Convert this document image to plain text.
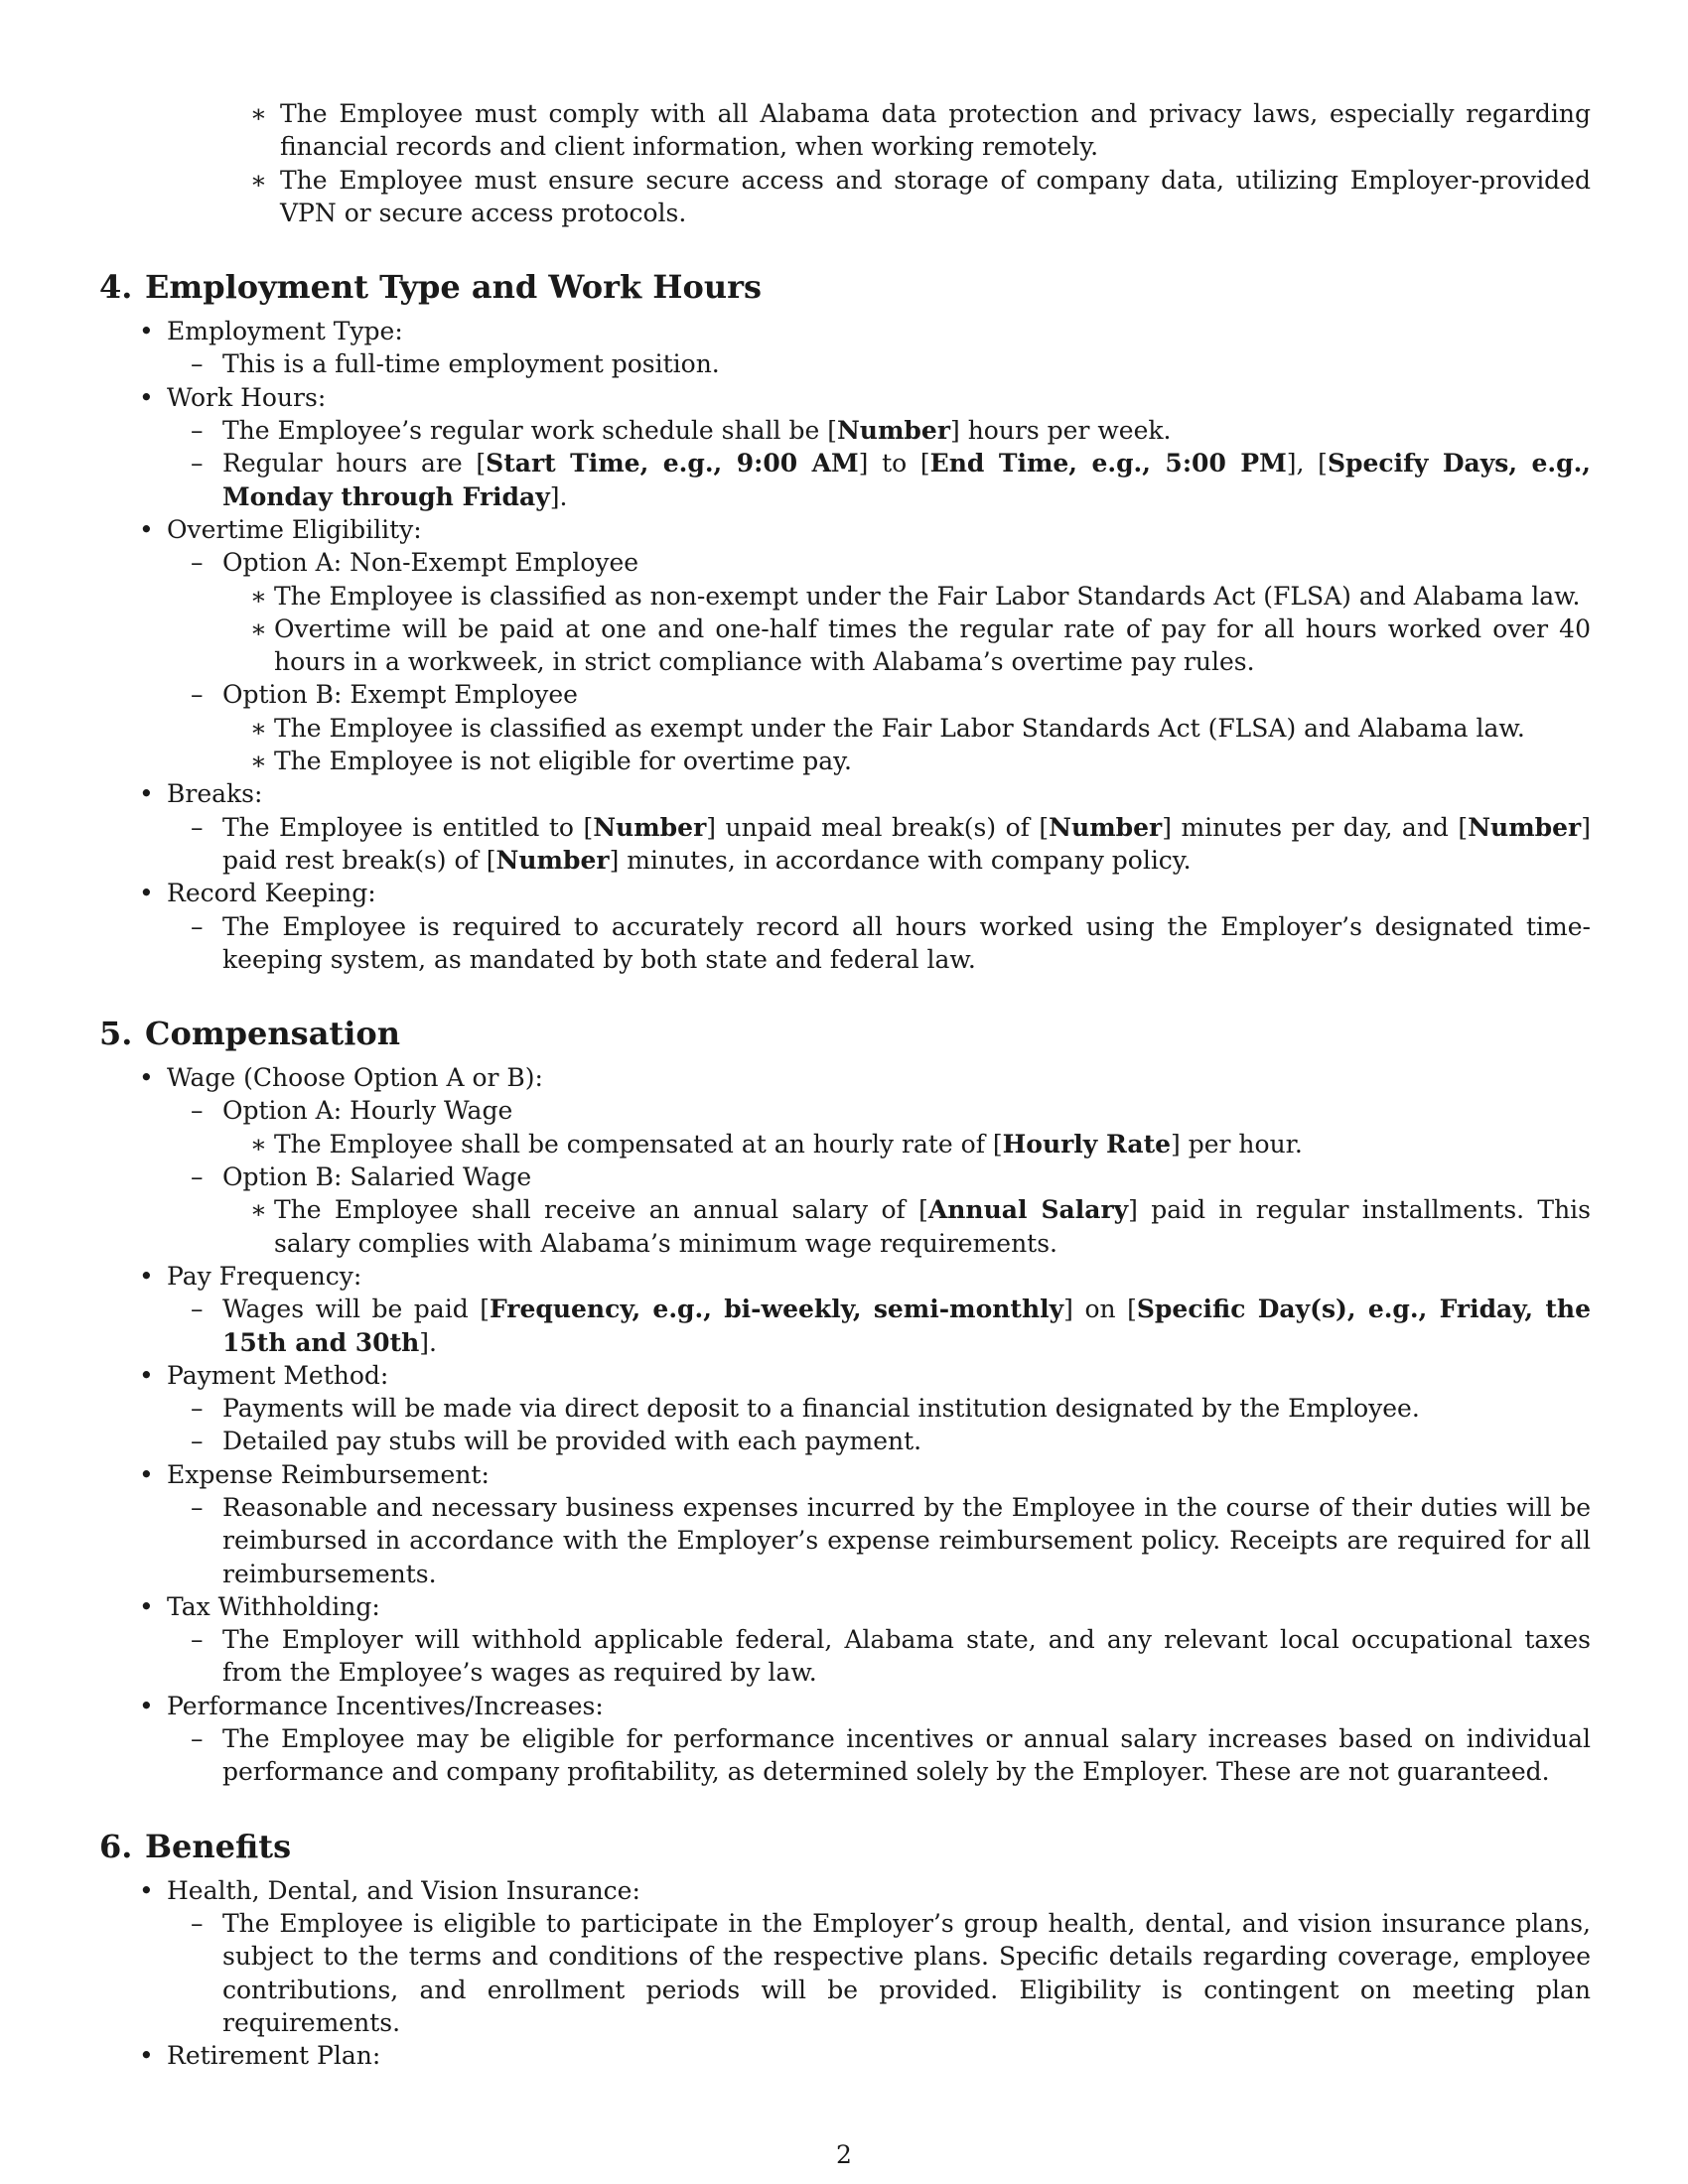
∗ The Employee must comply with all Alabama data protection and privacy laws, especially regarding financial records and client information, when working remotely.
∗ The Employee must ensure secure access and storage of company data, utilizing Employer-provided VPN or secure access protocols.
4. Employment Type and Work Hours
• Employment Type:
– This is a full-time employment position.
• Work Hours:
– The Employee’s regular work schedule shall be [Number] hours per week.
– Regular hours are [Start Time, e.g., 9:00 AM] to [End Time, e.g., 5:00 PM], [Specify Days, e.g., Monday through Friday].
• Overtime Eligibility:
– Option A: Non-Exempt Employee
∗ The Employee is classified as non-exempt under the Fair Labor Standards Act (FLSA) and Alabama law.
∗ Overtime will be paid at one and one-half times the regular rate of pay for all hours worked over 40 hours in a workweek, in strict compliance with Alabama’s overtime pay rules.
– Option B: Exempt Employee
∗ The Employee is classified as exempt under the Fair Labor Standards Act (FLSA) and Alabama law.
∗ The Employee is not eligible for overtime pay.
• Breaks:
– The Employee is entitled to [Number] unpaid meal break(s) of [Number] minutes per day, and [Number] paid rest break(s) of [Number] minutes, in accordance with company policy.
• Record Keeping:
– The Employee is required to accurately record all hours worked using the Employer’s designated time-keeping system, as mandated by both state and federal law.
5. Compensation
• Wage (Choose Option A or B):
– Option A: Hourly Wage
∗ The Employee shall be compensated at an hourly rate of [Hourly Rate] per hour.
– Option B: Salaried Wage
∗ The Employee shall receive an annual salary of [Annual Salary] paid in regular installments. This salary complies with Alabama’s minimum wage requirements.
• Pay Frequency:
– Wages will be paid [Frequency, e.g., bi-weekly, semi-monthly] on [Specific Day(s), e.g., Friday, the 15th and 30th].
• Payment Method:
– Payments will be made via direct deposit to a financial institution designated by the Employee.
– Detailed pay stubs will be provided with each payment.
• Expense Reimbursement:
– Reasonable and necessary business expenses incurred by the Employee in the course of their duties will be reimbursed in accordance with the Employer’s expense reimbursement policy. Receipts are required for all reimbursements.
• Tax Withholding:
– The Employer will withhold applicable federal, Alabama state, and any relevant local occupational taxes from the Employee’s wages as required by law.
• Performance Incentives/Increases:
– The Employee may be eligible for performance incentives or annual salary increases based on individual performance and company profitability, as determined solely by the Employer. These are not guaranteed.
6. Benefits
• Health, Dental, and Vision Insurance:
– The Employee is eligible to participate in the Employer’s group health, dental, and vision insurance plans, subject to the terms and conditions of the respective plans. Specific details regarding coverage, employee contributions, and enrollment periods will be provided. Eligibility is contingent on meeting plan requirements.
• Retirement Plan:
2
